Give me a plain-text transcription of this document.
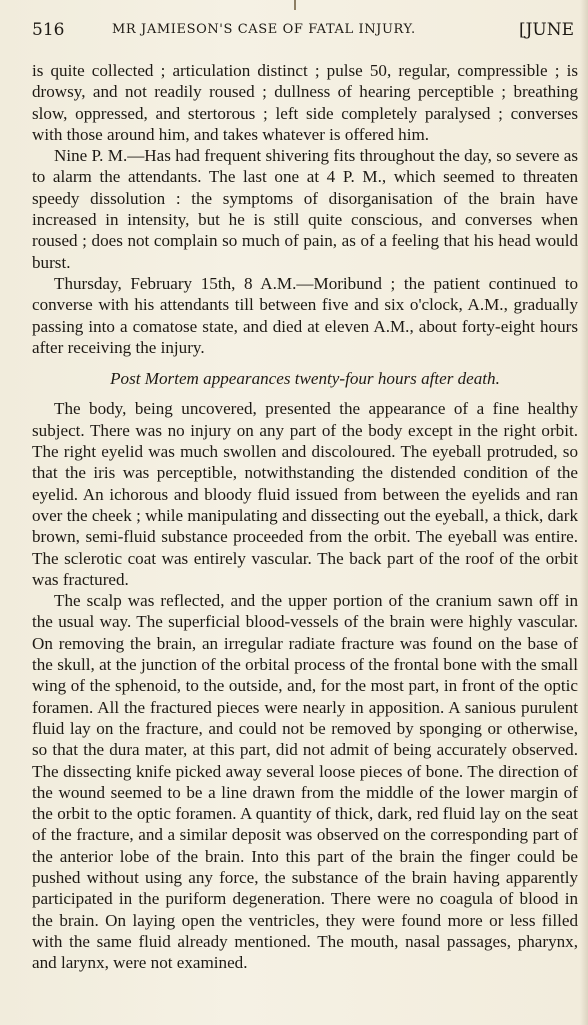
516	MR JAMIESON'S CASE OF FATAL INJURY.	[JUNE

is quite collected ; articulation distinct ; pulse 50, regular, compressible ; is drowsy, and not readily roused ; dullness of hearing perceptible ; breathing slow, oppressed, and stertorous ; left side completely paralysed ; converses with those around him, and takes whatever is offered him.

Nine P. M.—Has had frequent shivering fits throughout the day, so severe as to alarm the attendants. The last one at 4 P. M., which seemed to threaten speedy dissolution : the symptoms of disorganisation of the brain have increased in intensity, but he is still quite conscious, and converses when roused ; does not complain so much of pain, as of a feeling that his head would burst.

Thursday, February 15th, 8 A.M.—Moribund ; the patient continued to converse with his attendants till between five and six o'clock, A.M., gradually passing into a comatose state, and died at eleven A.M., about forty-eight hours after receiving the injury.

Post Mortem appearances twenty-four hours after death.

The body, being uncovered, presented the appearance of a fine healthy subject. There was no injury on any part of the body except in the right orbit. The right eyelid was much swollen and discoloured. The eyeball protruded, so that the iris was perceptible, notwithstanding the distended condition of the eyelid. An ichorous and bloody fluid issued from between the eyelids and ran over the cheek ; while manipulating and dissecting out the eyeball, a thick, dark brown, semi-fluid substance proceeded from the orbit. The eyeball was entire. The sclerotic coat was entirely vascular. The back part of the roof of the orbit was fractured.

The scalp was reflected, and the upper portion of the cranium sawn off in the usual way. The superficial blood-vessels of the brain were highly vascular. On removing the brain, an irregular radiate fracture was found on the base of the skull, at the junction of the orbital process of the frontal bone with the small wing of the sphenoid, to the outside, and, for the most part, in front of the optic foramen. All the fractured pieces were nearly in apposition. A sanious purulent fluid lay on the fracture, and could not be removed by sponging or otherwise, so that the dura mater, at this part, did not admit of being accurately observed. The dissecting knife picked away several loose pieces of bone. The direction of the wound seemed to be a line drawn from the middle of the lower margin of the orbit to the optic foramen. A quantity of thick, dark, red fluid lay on the seat of the fracture, and a similar deposit was observed on the corresponding part of the anterior lobe of the brain. Into this part of the brain the finger could be pushed without using any force, the substance of the brain having apparently participated in the puriform degeneration. There were no coagula of blood in the brain. On laying open the ventricles, they were found more or less filled with the same fluid already mentioned. The mouth, nasal passages, pharynx, and larynx, were not examined.
